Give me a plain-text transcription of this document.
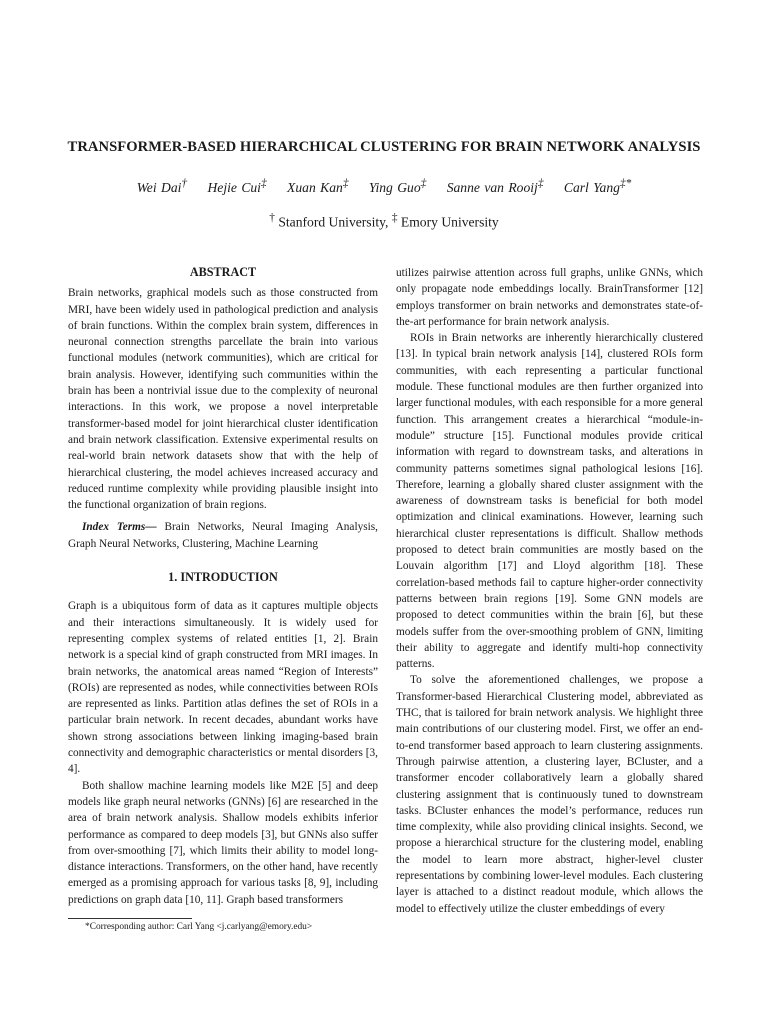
TRANSFORMER-BASED HIERARCHICAL CLUSTERING FOR BRAIN NETWORK ANALYSIS
Wei Dai† Hejie Cui‡ Xuan Kan‡ Ying Guo‡ Sanne van Rooij‡ Carl Yang‡*
† Stanford University, ‡ Emory University
ABSTRACT

Brain networks, graphical models such as those constructed from MRI, have been widely used in pathological prediction and analysis of brain functions. Within the complex brain system, differences in neuronal connection strengths parcellate the brain into various functional modules (network communities), which are critical for brain analysis. However, identifying such communities within the brain has been a nontrivial issue due to the complexity of neuronal interactions. In this work, we propose a novel interpretable transformer-based model for joint hierarchical cluster identification and brain network classification. Extensive experimental results on real-world brain network datasets show that with the help of hierarchical clustering, the model achieves increased accuracy and reduced runtime complexity while providing plausible insight into the functional organization of brain regions.

Index Terms— Brain Networks, Neural Imaging Analysis, Graph Neural Networks, Clustering, Machine Learning

1. INTRODUCTION

Graph is a ubiquitous form of data as it captures multiple objects and their interactions simultaneously. It is widely used for representing complex systems of related entities [1, 2]. Brain network is a special kind of graph constructed from MRI images. In brain networks, the anatomical areas named “Region of Interests” (ROIs) are represented as nodes, while connectivities between ROIs are represented as links. Partition atlas defines the set of ROIs in a particular brain network. In recent decades, abundant works have shown strong associations between linking imaging-based brain connectivity and demographic characteristics or mental disorders [3, 4].

Both shallow machine learning models like M2E [5] and deep models like graph neural networks (GNNs) [6] are researched in the area of brain network analysis. Shallow models exhibits inferior performance as compared to deep models [3], but GNNs also suffer from over-smoothing [7], which limits their ability to model long-distance interactions. Transformers, on the other hand, have recently emerged as a promising approach for various tasks [8, 9], including predictions on graph data [10, 11]. Graph based transformers

utilizes pairwise attention across full graphs, unlike GNNs, which only propagate node embeddings locally. BrainTransformer [12] employs transformer on brain networks and demonstrates state-of-the-art performance for brain network analysis.

ROIs in Brain networks are inherently hierarchically clustered [13]. In typical brain network analysis [14], clustered ROIs form communities, with each representing a particular functional module. These functional modules are then further organized into larger functional modules, with each responsible for a more general function. This arrangement creates a hierarchical “module-in-module” structure [15]. Functional modules provide critical information with regard to downstream tasks, and alterations in community patterns sometimes signal pathological lesions [16]. Therefore, learning a globally shared cluster assignment with the awareness of downstream tasks is beneficial for both model optimization and clinical examinations. However, learning such hierarchical cluster representations is difficult. Shallow methods proposed to detect brain communities are mostly based on the Louvain algorithm [17] and Lloyd algorithm [18]. These correlation-based methods fail to capture higher-order connectivity patterns between brain regions [19]. Some GNN models are proposed to detect communities within the brain [6], but these models suffer from the over-smoothing problem of GNN, limiting their ability to aggregate and identify multi-hop connectivity patterns.

To solve the aforementioned challenges, we propose a Transformer-based Hierarchical Clustering model, abbreviated as THC, that is tailored for brain network analysis. We highlight three main contributions of our clustering model. First, we offer an end-to-end transformer based approach to learn clustering assignments. Through pairwise attention, a clustering layer, BCluster, and a transformer encoder collaboratively learn a globally shared clustering assignment that is continuously tuned to downstream tasks. BCluster enhances the model’s performance, reduces run time complexity, while also providing clinical insights. Second, we propose a hierarchical structure for the clustering model, enabling the model to learn more abstract, higher-level cluster representations by combining lower-level modules. Each clustering layer is attached to a distinct readout module, which allows the model to effectively utilize the cluster embeddings of every

*Corresponding author: Carl Yang <j.carlyang@emory.edu>
